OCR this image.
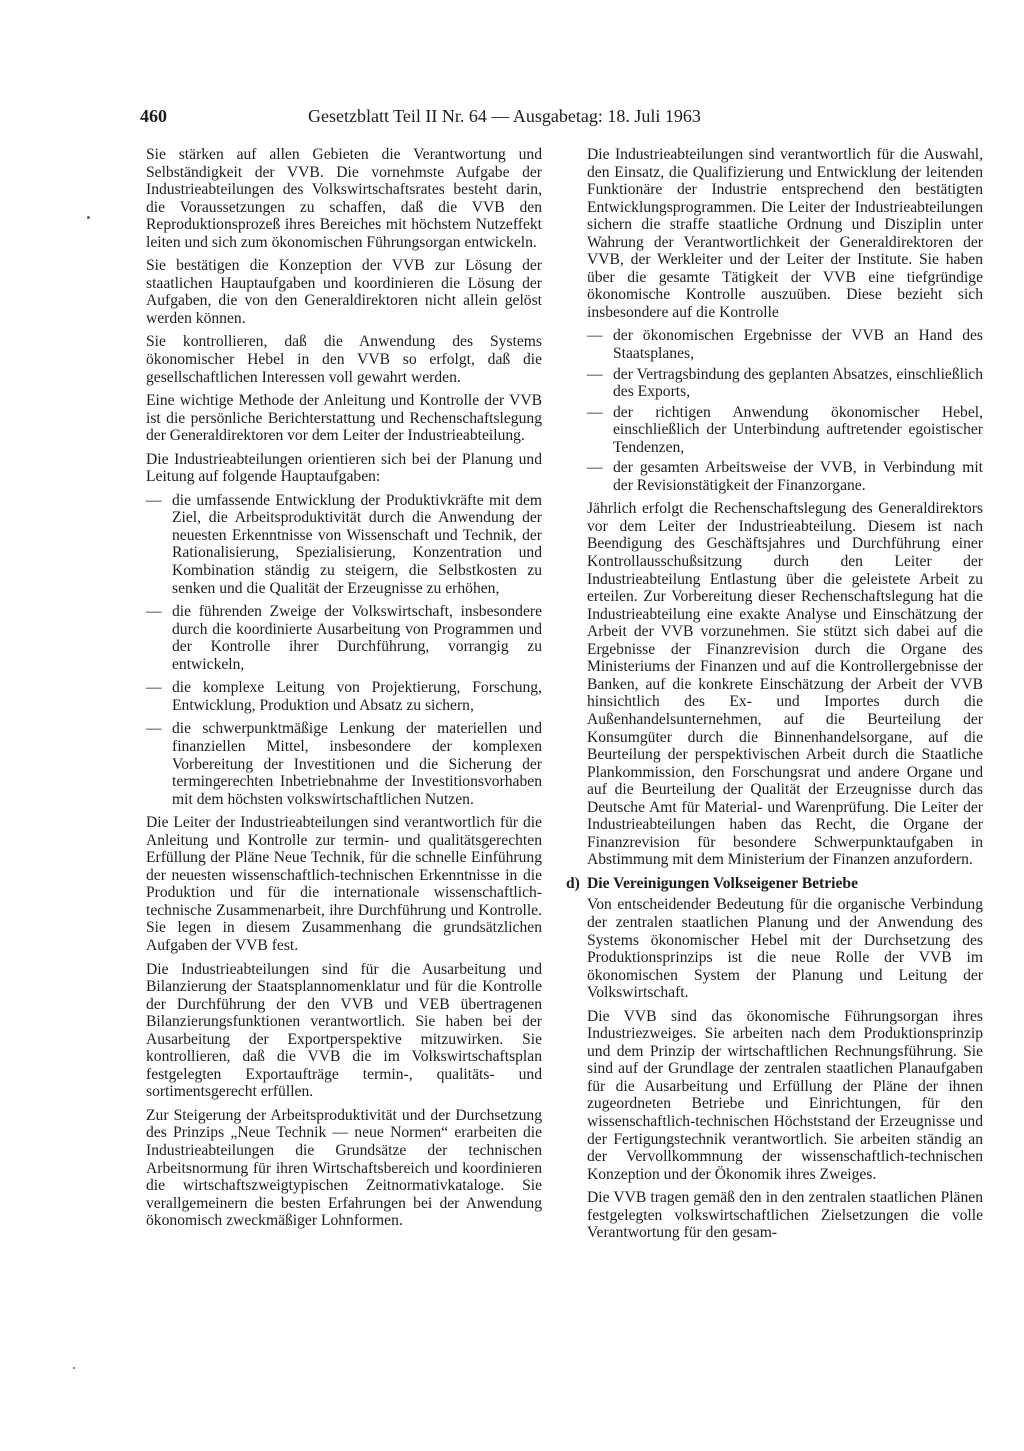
460	Gesetzblatt Teil II Nr. 64 — Ausgabetag: 18. Juli 1963

Sie stärken auf allen Gebieten die Verantwortung und Selbständigkeit der VVB. Die vornehmste Aufgabe der Industrieabteilungen des Volkswirtschaftsrates besteht darin, die Voraussetzungen zu schaffen, daß die VVB den Reproduktionsprozeß ihres Bereiches mit höchstem Nutzeffekt leiten und sich zum ökonomischen Führungsorgan entwickeln.

Sie bestätigen die Konzeption der VVB zur Lösung der staatlichen Hauptaufgaben und koordinieren die Lösung der Aufgaben, die von den Generaldirektoren nicht allein gelöst werden können.

Sie kontrollieren, daß die Anwendung des Systems ökonomischer Hebel in den VVB so erfolgt, daß die gesellschaftlichen Interessen voll gewahrt werden.

Eine wichtige Methode der Anleitung und Kontrolle der VVB ist die persönliche Berichterstattung und Rechenschaftslegung der Generaldirektoren vor dem Leiter der Industrieabteilung.

Die Industrieabteilungen orientieren sich bei der Planung und Leitung auf folgende Hauptaufgaben:

— die umfassende Entwicklung der Produktivkräfte mit dem Ziel, die Arbeitsproduktivität durch die Anwendung der neuesten Erkenntnisse von Wissenschaft und Technik, der Rationalisierung, Spezialisierung, Konzentration und Kombination ständig zu steigern, die Selbstkosten zu senken und die Qualität der Erzeugnisse zu erhöhen,
— die führenden Zweige der Volkswirtschaft, insbesondere durch die koordinierte Ausarbeitung von Programmen und der Kontrolle ihrer Durchführung, vorrangig zu entwickeln,
— die komplexe Leitung von Projektierung, Forschung, Entwicklung, Produktion und Absatz zu sichern,
— die schwerpunktmäßige Lenkung der materiellen und finanziellen Mittel, insbesondere der komplexen Vorbereitung der Investitionen und die Sicherung der termingerechten Inbetriebnahme der Investitionsvorhaben mit dem höchsten volkswirtschaftlichen Nutzen.

Die Leiter der Industrieabteilungen sind verantwortlich für die Anleitung und Kontrolle zur termin- und qualitätsgerechten Erfüllung der Pläne Neue Technik, für die schnelle Einführung der neuesten wissenschaftlich-technischen Erkenntnisse in die Produktion und für die internationale wissenschaftlich-technische Zusammenarbeit, ihre Durchführung und Kontrolle. Sie legen in diesem Zusammenhang die grundsätzlichen Aufgaben der VVB fest.

Die Industrieabteilungen sind für die Ausarbeitung und Bilanzierung der Staatsplannomenklatur und für die Kontrolle der Durchführung der den VVB und VEB übertragenen Bilanzierungsfunktionen verantwortlich. Sie haben bei der Ausarbeitung der Exportperspektive mitzuwirken. Sie kontrollieren, daß die VVB die im Volkswirtschaftsplan festgelegten Exportaufträge termin-, qualitäts- und sortimentsgerecht erfüllen.

Zur Steigerung der Arbeitsproduktivität und der Durchsetzung des Prinzips „Neue Technik — neue Normen“ erarbeiten die Industrieabteilungen die Grundsätze der technischen Arbeitsnormung für ihren Wirtschaftsbereich und koordinieren die wirtschaftszweigtypischen Zeitnormativkataloge. Sie verallgemeinern die besten Erfahrungen bei der Anwendung ökonomisch zweckmäßiger Lohnformen.

Die Industrieabteilungen sind verantwortlich für die Auswahl, den Einsatz, die Qualifizierung und Entwicklung der leitenden Funktionäre der Industrie entsprechend den bestätigten Entwicklungsprogrammen. Die Leiter der Industrieabteilungen sichern die straffe staatliche Ordnung und Disziplin unter Wahrung der Verantwortlichkeit der Generaldirektoren der VVB, der Werkleiter und der Leiter der Institute. Sie haben über die gesamte Tätigkeit der VVB eine tiefgründige ökonomische Kontrolle auszuüben. Diese bezieht sich insbesondere auf die Kontrolle

— der ökonomischen Ergebnisse der VVB an Hand des Staatsplanes,
— der Vertragsbindung des geplanten Absatzes, einschließlich des Exports,
— der richtigen Anwendung ökonomischer Hebel, einschließlich der Unterbindung auftretender egoistischer Tendenzen,
— der gesamten Arbeitsweise der VVB, in Verbindung mit der Revisionstätigkeit der Finanzorgane.

Jährlich erfolgt die Rechenschaftslegung des Generaldirektors vor dem Leiter der Industrieabteilung. Diesem ist nach Beendigung des Geschäftsjahres und Durchführung einer Kontrollausschußsitzung durch den Leiter der Industrieabteilung Entlastung über die geleistete Arbeit zu erteilen. Zur Vorbereitung dieser Rechenschaftslegung hat die Industrieabteilung eine exakte Analyse und Einschätzung der Arbeit der VVB vorzunehmen. Sie stützt sich dabei auf die Ergebnisse der Finanzrevision durch die Organe des Ministeriums der Finanzen und auf die Kontrollergebnisse der Banken, auf die konkrete Einschätzung der Arbeit der VVB hinsichtlich des Ex- und Importes durch die Außenhandelsunternehmen, auf die Beurteilung der Konsumgüter durch die Binnenhandelsorgane, auf die Beurteilung der perspektivischen Arbeit durch die Staatliche Plankommission, den Forschungsrat und andere Organe und auf die Beurteilung der Qualität der Erzeugnisse durch das Deutsche Amt für Material- und Warenprüfung. Die Leiter der Industrieabteilungen haben das Recht, die Organe der Finanzrevision für besondere Schwerpunktaufgaben in Abstimmung mit dem Ministerium der Finanzen anzufordern.

d) Die Vereinigungen Volkseigener Betriebe

Von entscheidender Bedeutung für die organische Verbindung der zentralen staatlichen Planung und der Anwendung des Systems ökonomischer Hebel mit der Durchsetzung des Produktionsprinzips ist die neue Rolle der VVB im ökonomischen System der Planung und Leitung der Volkswirtschaft.

Die VVB sind das ökonomische Führungsorgan ihres Industriezweiges. Sie arbeiten nach dem Produktionsprinzip und dem Prinzip der wirtschaftlichen Rechnungsführung. Sie sind auf der Grundlage der zentralen staatlichen Planaufgaben für die Ausarbeitung und Erfüllung der Pläne der ihnen zugeordneten Betriebe und Einrichtungen, für den wissenschaftlich-technischen Höchststand der Erzeugnisse und der Fertigungstechnik verantwortlich. Sie arbeiten ständig an der Vervollkommnung der wissenschaftlich-technischen Konzeption und der Ökonomik ihres Zweiges.

Die VVB tragen gemäß den in den zentralen staatlichen Plänen festgelegten volkswirtschaftlichen Zielsetzungen die volle Verantwortung für den gesam-
